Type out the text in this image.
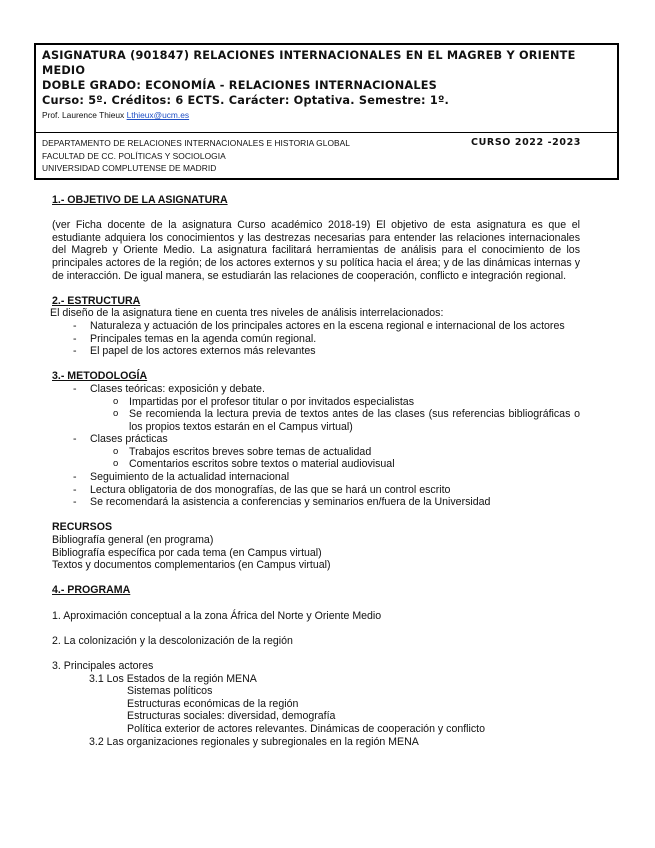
ASIGNATURA (901847) RELACIONES INTERNACIONALES EN EL MAGREB Y ORIENTE
MEDIO
DOBLE GRADO: ECONOMÍA - RELACIONES INTERNACIONALES
Curso: 5º. Créditos: 6 ECTS. Carácter: Optativa. Semestre: 1º.
Prof. Laurence Thieux Lthieux@ucm.es
DEPARTAMENTO DE RELACIONES INTERNACIONALES E HISTORIA GLOBAL	CURSO 2022 -2023
FACULTAD DE CC. POLÍTICAS Y SOCIOLOGIA
UNIVERSIDAD COMPLUTENSE DE MADRID
1.- OBJETIVO DE LA ASIGNATURA
(ver Ficha docente de la asignatura Curso académico 2018-19) El objetivo de esta asignatura es que el estudiante adquiera los conocimientos y las destrezas necesarias para entender las relaciones internacionales del Magreb y Oriente Medio. La asignatura facilitará herramientas de análisis para el conocimiento de los principales actores de la región; de los actores externos y su política hacia el área; y de las dinámicas internas y de interacción. De igual manera, se estudiarán las relaciones de cooperación, conflicto e integración regional.
2.- ESTRUCTURA
El diseño de la asignatura tiene en cuenta tres niveles de análisis interrelacionados:
- Naturaleza y actuación de los principales actores en la escena regional e internacional de los actores
- Principales temas en la agenda común regional.
- El papel de los actores externos más relevantes
3.- METODOLOGÍA
- Clases teóricas: exposición y debate.
o Impartidas por el profesor titular o por invitados especialistas
o Se recomienda la lectura previa de textos antes de las clases (sus referencias bibliográficas o los propios textos estarán en el Campus virtual)
- Clases prácticas
o Trabajos escritos breves sobre temas de actualidad
o Comentarios escritos sobre textos o material audiovisual
- Seguimiento de la actualidad internacional
- Lectura obligatoria de dos monografías, de las que se hará un control escrito
- Se recomendará la asistencia a conferencias y seminarios en/fuera de la Universidad
RECURSOS
Bibliografía general (en programa)
Bibliografía específica por cada tema (en Campus virtual)
Textos y documentos complementarios (en Campus virtual)
4.- PROGRAMA
1. Aproximación conceptual a la zona África del Norte y Oriente Medio
2. La colonización y la descolonización de la región
3. Principales actores
3.1 Los Estados de la región MENA
Sistemas políticos
Estructuras económicas de la región
Estructuras sociales: diversidad, demografía
Política exterior de actores relevantes. Dinámicas de cooperación y conflicto
3.2 Las organizaciones regionales y subregionales en la región MENA
